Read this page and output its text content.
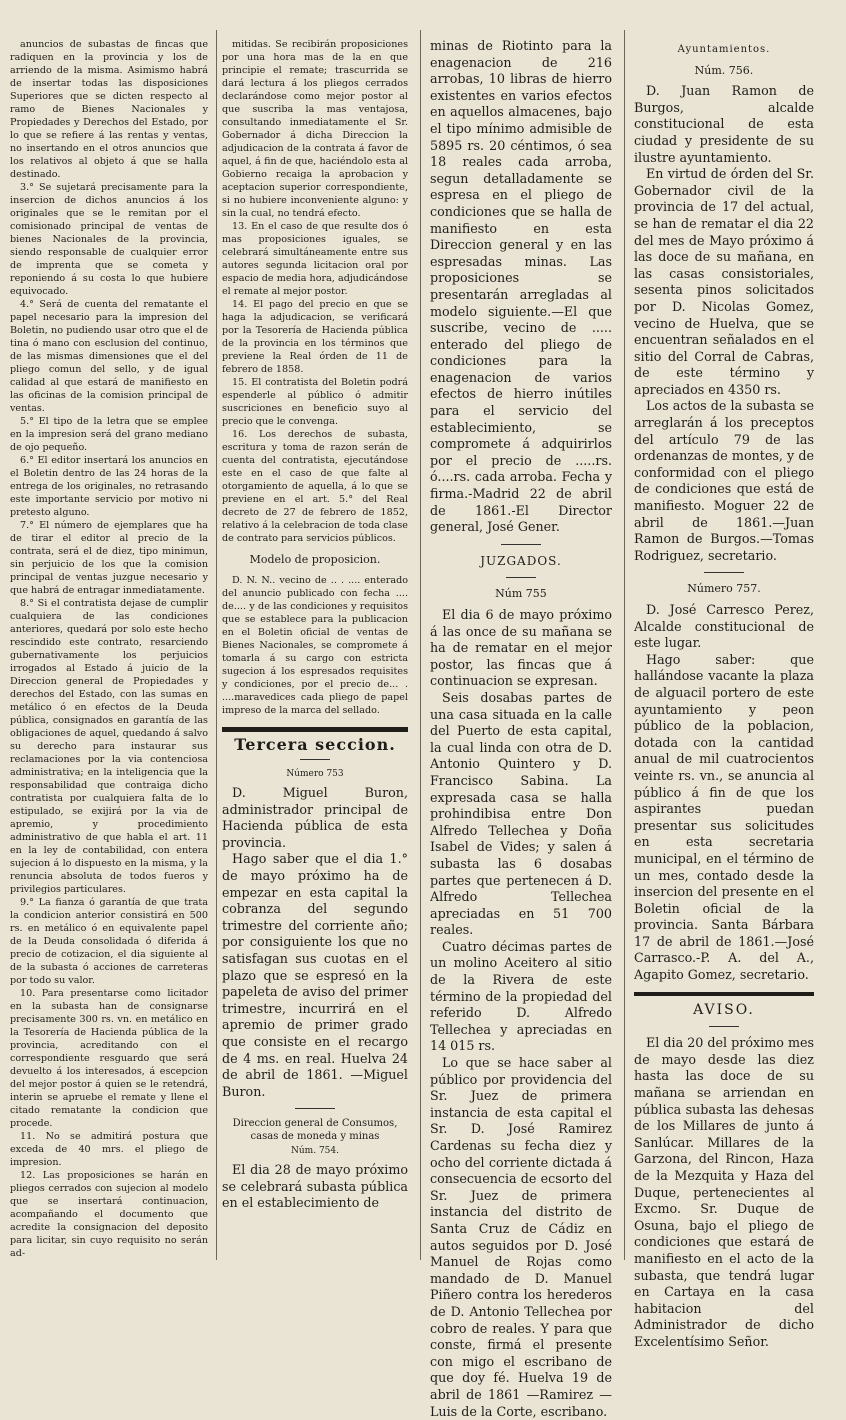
anuncios de subastas de fincas que radiquen en la provincia y los de arriendo de la misma. Asimismo habrá de insertar todas las disposiciones Superiores que se dicten respecto al ramo de Bienes Nacionales y Propiedades y Derechos del Estado, por lo que se refiere á las rentas y ventas, no insertando en el otros anuncios que los relativos al objeto á que se halla destinado.

3.° Se sujetará precisamente para la insercion de dichos anuncios á los originales que se le remitan por el comisionado principal de ventas de bienes Nacionales de la provincia, siendo responsable de cualquier error de imprenta que se cometa y reponiendo á su costa lo que hubiere equivocado.

4.° Será de cuenta del rematante el papel necesario para la impresion del Boletin, no pudiendo usar otro que el de tina ó mano con esclusion del continuo, de las mismas dimensiones que el del pliego comun del sello, y de igual calidad al que estará de manifiesto en las oficinas de la comision principal de ventas.

5.° El tipo de la letra que se emplee en la impresion será del grano mediano de ojo pequeño.

6.° El editor insertará los anuncios en el Boletin dentro de las 24 horas de la entrega de los originales, no retrasando este importante servicio por motivo ni pretesto alguno.

7.° El número de ejemplares que ha de tirar el editor al precio de la contrata, será el de diez, tipo minimun, sin perjuicio de los que la comision principal de ventas juzgue necesario y que habrá de entragar inmediatamente.

8.° Si el contratista dejase de cumplir cualquiera de las condiciones anteriores, quedará por solo este hecho rescindido este contrato, resarciendo gubernativamente los perjuicios irrogados al Estado á juicio de la Direccion general de Propiedades y derechos del Estado, con las sumas en metálico ó en efectos de la Deuda pública, consignados en garantía de las obligaciones de aquel, quedando á salvo su derecho para instaurar sus reclamaciones por la via contenciosa administrativa; en la inteligencia que la responsabilidad que contraiga dicho contratista por cualquiera falta de lo estipulado, se exijirá por la via de apremio, y procedimiento administrativo de que habla el art. 11 en la ley de contabilidad, con entera sujecion á lo dispuesto en la misma, y la renuncia absoluta de todos fueros y privilegios particulares.

9.° La fianza ó garantía de que trata la condicion anterior consistirá en 500 rs. en metálico ó en equivalente papel de la Deuda consolidada ó diferida á precio de cotizacion, el dia siguiente al de la subasta ó acciones de carreteras por todo su valor.

10. Para presentarse como licitador en la subasta han de consignarse precisamente 300 rs. vn. en metálico en la Tesorería de Hacienda pública de la provincia, acreditando con el correspondiente resguardo que será devuelto á los interesados, á escepcion del mejor postor á quien se le retendrá, interin se apruebe el remate y llene el citado rematante la condicion que procede.

11. No se admitirá postura que exceda de 40 mrs. el pliego de impresion.

12. Las proposiciones se harán en pliegos cerrados con sujecion al modelo que se insertará continuacion, acompañando el documento que acredite la consignacion del deposito para licitar, sin cuyo requisito no serán ad-

mitidas. Se recibirán proposiciones por una hora mas de la en que principie el remate; trascurrida se dará lectura á los pliegos cerrados declarándose como mejor postor al que suscriba la mas ventajosa, consultando inmediatamente el Sr. Gobernador á dicha Direccion la adjudicacion de la contrata á favor de aquel, á fin de que, haciéndolo esta al Gobierno recaiga la aprobacion y aceptacion superior correspondiente, si no hubiere inconveniente alguno: y sin la cual, no tendrá efecto.

13. En el caso de que resulte dos ó mas proposiciones iguales, se celebrará simultáneamente entre sus autores segunda licitacion oral por espacio de media hora, adjudicándose el remate al mejor postor.

14. El pago del precio en que se haga la adjudicacion, se verificará por la Tesorería de Hacienda pública de la provincia en los términos que previene la Real órden de 11 de febrero de 1858.

15. El contratista del Boletin podrá espenderle al público ó admitir suscriciones en beneficio suyo al precio que le convenga.

16. Los derechos de subasta, escritura y toma de razon serán de cuenta del contratista, ejecutándose este en el caso de que falte al otorgamiento de aquella, á lo que se previene en el art. 5.° del Real decreto de 27 de febrero de 1852, relativo á la celebracion de toda clase de contrato para servicios públicos.

Modelo de proposicion.

D. N. N.. vecino de .. . .... enterado del anuncio publicado con fecha .... de.... y de las condiciones y requisitos que se establece para la publicacion en el Boletin oficial de ventas de Bienes Nacionales, se compromete á tomarla á su cargo con estricta sugecion á los espresados requisites y condiciones, por el precio de... . ....maravedices cada pliego de papel impreso de la marca del sellado.

Tercera seccion.

Número 753

D. Miguel Buron, administrador principal de Hacienda pública de esta provincia.

Hago saber que el dia 1.° de mayo próximo ha de empezar en esta capital la cobranza del segundo trimestre del corriente año; por consiguiente los que no satisfagan sus cuotas en el plazo que se espresó en la papeleta de aviso del primer trimestre, incurrirá en el apremio de primer grado que consiste en el recargo de 4 ms. en real. Huelva 24 de abril de 1861. —Miguel Buron.

Direccion general de Consumos, casas de moneda y minas

Núm. 754.

El dia 28 de mayo próximo se celebrará subasta pública en el establecimiento de

minas de Riotinto para la enagenacion de 216 arrobas, 10 libras de hierro existentes en varios efectos en aquellos almacenes, bajo el tipo mínimo admisible de 5895 rs. 20 céntimos, ó sea 18 reales cada arroba, segun detalladamente se espresa en el pliego de condiciones que se halla de manifiesto en esta Direccion general y en las espresadas minas. Las proposiciones se presentarán arregladas al modelo siguiente.—El que suscribe, vecino de ..... enterado del pliego de condiciones para la enagenacion de varios efectos de hierro inútiles para el servicio del establecimiento, se compromete á adquirirlos por el precio de .....rs. ó....rs. cada arroba. Fecha y firma.-Madrid 22 de abril de 1861.-El Director general, José Gener.

JUZGADOS.

Núm 755

El dia 6 de mayo próximo á las once de su mañana se ha de rematar en el mejor postor, las fincas que á continuacion se expresan.

Seis dosabas partes de una casa situada en la calle del Puerto de esta capital, la cual linda con otra de D. Antonio Quintero y D. Francisco Sabina. La expresada casa se halla prohindibisa entre Don Alfredo Tellechea y Doña Isabel de Vides; y salen á subasta las 6 dosabas partes que pertenecen á D. Alfredo Tellechea apreciadas en 51 700 reales.

Cuatro décimas partes de un molino Aceitero al sitio de la Rivera de este término de la propiedad del referido D. Alfredo Tellechea y apreciadas en 14 015 rs.

Lo que se hace saber al público por providencia del Sr. Juez de primera instancia de esta capital el Sr. D. José Ramirez Cardenas su fecha diez y ocho del corriente dictada á consecuencia de ecsorto del Sr. Juez de primera instancia del distrito de Santa Cruz de Cádiz en autos seguidos por D. José Manuel de Rojas como mandado de D. Manuel Piñero contra los herederos de D. Antonio Tellechea por cobro de reales. Y para que conste, firmá el presente con migo el escribano de que doy fé. Huelva 19 de abril de 1861 —Ramirez —Luis de la Corte, escribano.

Ayuntamientos.

Núm. 756.

D. Juan Ramon de Burgos, alcalde constitucional de esta ciudad y presidente de su ilustre ayuntamiento.

En virtud de órden del Sr. Gobernador civil de la provincia de 17 del actual, se han de rematar el dia 22 del mes de Mayo próximo á las doce de su mañana, en las casas consistoriales, sesenta pinos solicitados por D. Nicolas Gomez, vecino de Huelva, que se encuentran señalados en el sitio del Corral de Cabras, de este término y apreciados en 4350 rs.

Los actos de la subasta se arreglarán á los preceptos del artículo 79 de las ordenanzas de montes, y de conformidad con el pliego de condiciones que está de manifiesto. Moguer 22 de abril de 1861.—Juan Ramon de Burgos.—Tomas Rodriguez, secretario.

Número 757.

D. José Carresco Perez, Alcalde constitucional de este lugar.

Hago saber: que hallándose vacante la plaza de alguacil portero de este ayuntamiento y peon público de la poblacion, dotada con la cantidad anual de mil cuatrocientos veinte rs. vn., se anuncia al público á fin de que los aspirantes puedan presentar sus solicitudes en esta secretaria municipal, en el término de un mes, contado desde la insercion del presente en el Boletin oficial de la provincia. Santa Bárbara 17 de abril de 1861.—José Carrasco.-P. A. del A., Agapito Gomez, secretario.

AVISO.

El dia 20 del próximo mes de mayo desde las diez hasta las doce de su mañana se arriendan en pública subasta las dehesas de los Millares de junto á Sanlúcar. Millares de la Garzona, del Rincon, Haza de la Mezquita y Haza del Duque, pertenecientes al Excmo. Sr. Duque de Osuna, bajo el pliego de condiciones que estará de manifiesto en el acto de la subasta, que tendrá lugar en Cartaya en la casa habitacion del Administrador de dicho Excelentísimo Señor.
